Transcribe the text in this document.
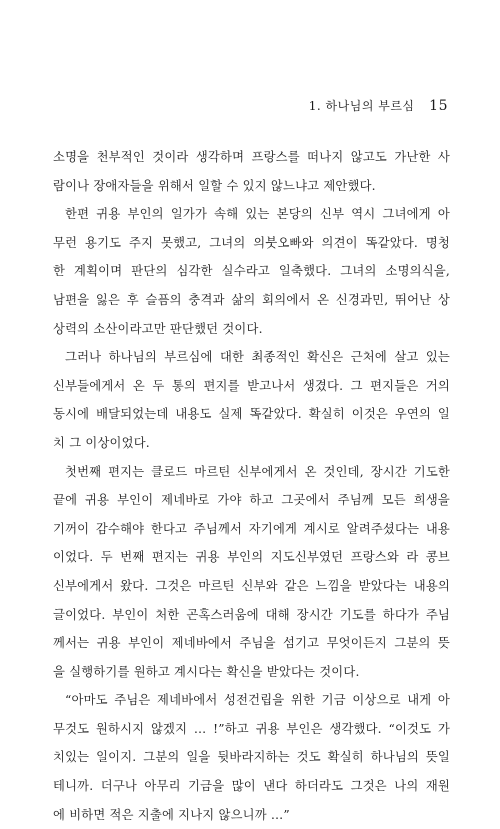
1. 하나님의 부르심 15
소명을 천부적인 것이라 생각하며 프랑스를 떠나지 않고도 가난한 사
람이나 장애자들을 위해서 일할 수 있지 않느냐고 제안했다.
한편 귀용 부인의 일가가 속해 있는 본당의 신부 역시 그녀에게 아
무런 용기도 주지 못했고, 그녀의 의붓오빠와 의견이 똑같았다. 명청
한 계획이며 판단의 심각한 실수라고 일축했다. 그녀의 소명의식을,
남편을 잃은 후 슬픔의 충격과 삶의 회의에서 온 신경과민, 뛰어난 상
상력의 소산이라고만 판단했던 것이다.
그러나 하나님의 부르심에 대한 최종적인 확신은 근처에 살고 있는
신부들에게서 온 두 통의 편지를 받고나서 생겼다. 그 편지들은 거의
동시에 배달되었는데 내용도 실제 똑같았다. 확실히 이것은 우연의 일
치 그 이상이었다.
첫번째 편지는 클로드 마르틴 신부에게서 온 것인데, 장시간 기도한
끝에 귀용 부인이 제네바로 가야 하고 그곳에서 주님께 모든 희생을
기꺼이 감수해야 한다고 주님께서 자기에게 계시로 알려주셨다는 내용
이었다. 두 번째 편지는 귀용 부인의 지도신부였던 프랑스와 라 콩브
신부에게서 왔다. 그것은 마르틴 신부와 같은 느낌을 받았다는 내용의
글이었다. 부인이 처한 곤혹스러움에 대해 장시간 기도를 하다가 주님
께서는 귀용 부인이 제네바에서 주님을 섬기고 무엇이든지 그분의 뜻
을 실행하기를 원하고 계시다는 확신을 받았다는 것이다.
“아마도 주님은 제네바에서 성전건립을 위한 기금 이상으로 내게 아
무것도 원하시지 않겠지 … !”하고 귀용 부인은 생각했다. “이것도 가
치있는 일이지. 그분의 일을 뒷바라지하는 것도 확실히 하나님의 뜻일
테니까. 더구나 아무리 기금을 많이 낸다 하더라도 그것은 나의 재원
에 비하면 적은 지출에 지나지 않으니까 …”
